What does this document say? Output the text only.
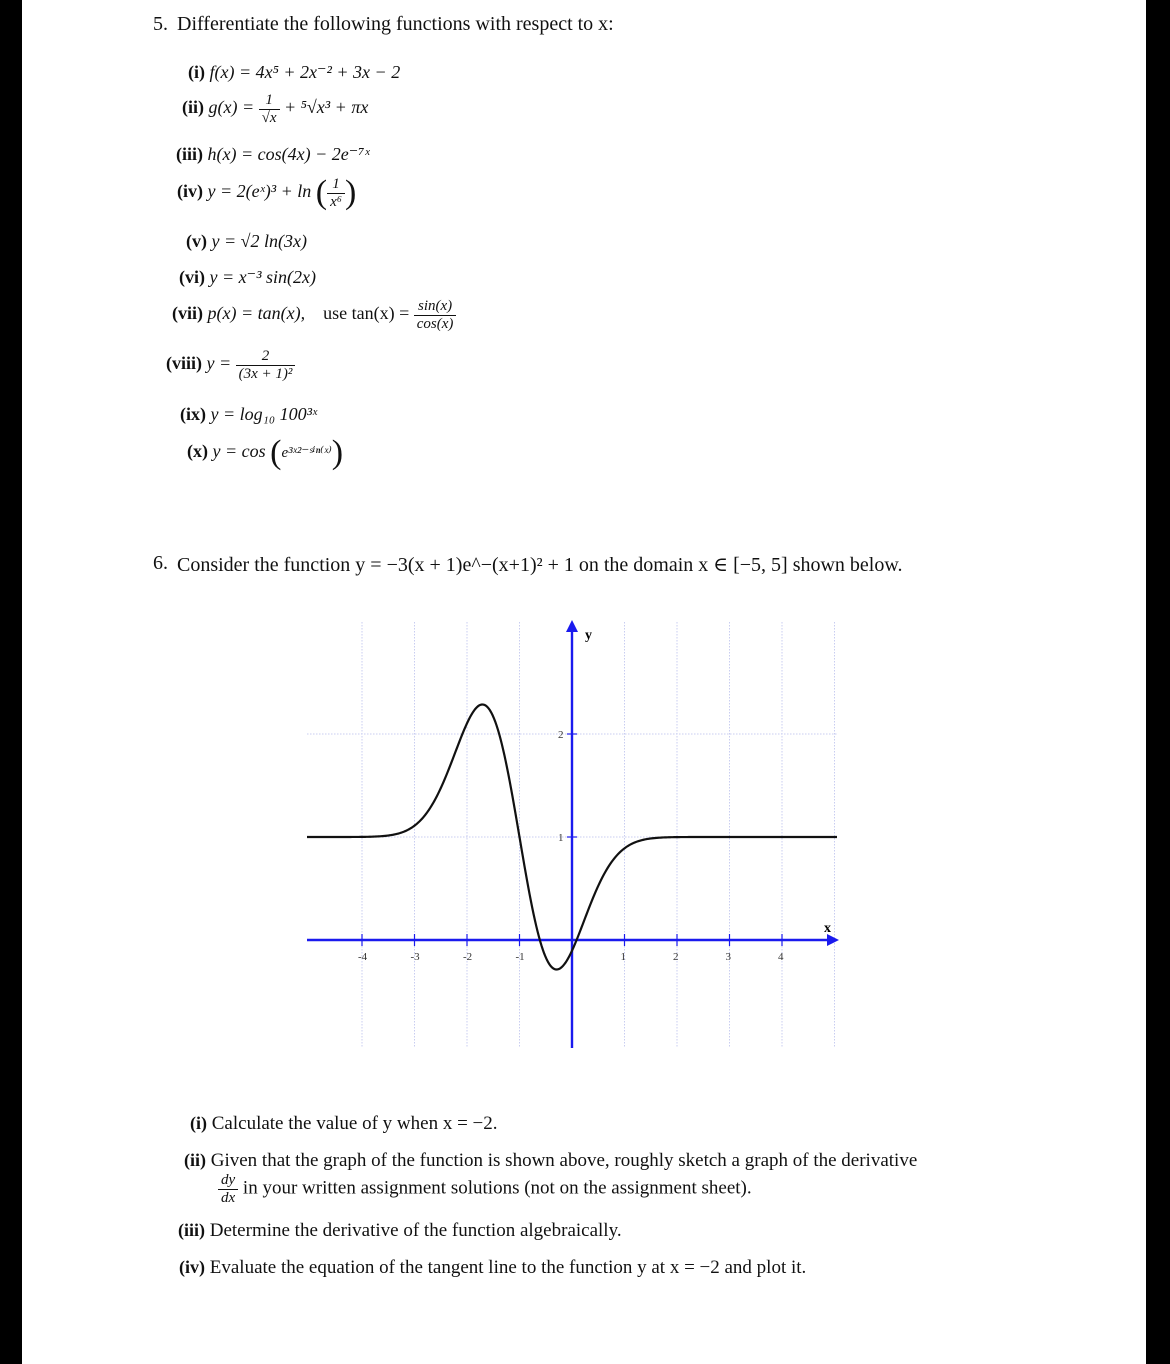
5. Differentiate the following functions with respect to x:
(i) f(x) = 4x⁵ + 2x⁻² + 3x − 2
(ii) $g(x) = \frac{1}{√x} + ^5√x^3 + \pi x$
(iii) h(x) = cos(4x) − 2e⁻⁷ˣ
(iv) y = 2(eˣ)³ + ln ( $\frac{1}{\text{x⁶}}$ )
(v) y = √2 ln(3x)
(vi) y = x⁻³ sin(2x)
(vii) p(x) = tan(x), use $\tan(x) = \frac{\sin(x)}{\cos(x)}$
(viii) $y = \frac{2}{\text{(3x + 1)²}}$
(ix) y = log₁₀ 100³ˣ
(x) y = cos (e³ˣ²⁻ˢⁱⁿ⁽ˣ⁾)
6. Consider the function y = −3(x + 1)e^−(x+1)² + 1 on the domain x ∈ [−5, 5] shown below.
-4	-3	-2	-1	1	2	3	4
1
2
x
y
(i) Calculate the value of y when x = −2.
(ii) Given that the graph of the function is shown above, roughly sketch a graph of the derivative
$\frac{dy}{dx}$ in your written assignment solutions (not on the assignment sheet).
(iii) Determine the derivative of the function algebraically.
(iv) Evaluate the equation of the tangent line to the function y at x = −2 and plot it.
